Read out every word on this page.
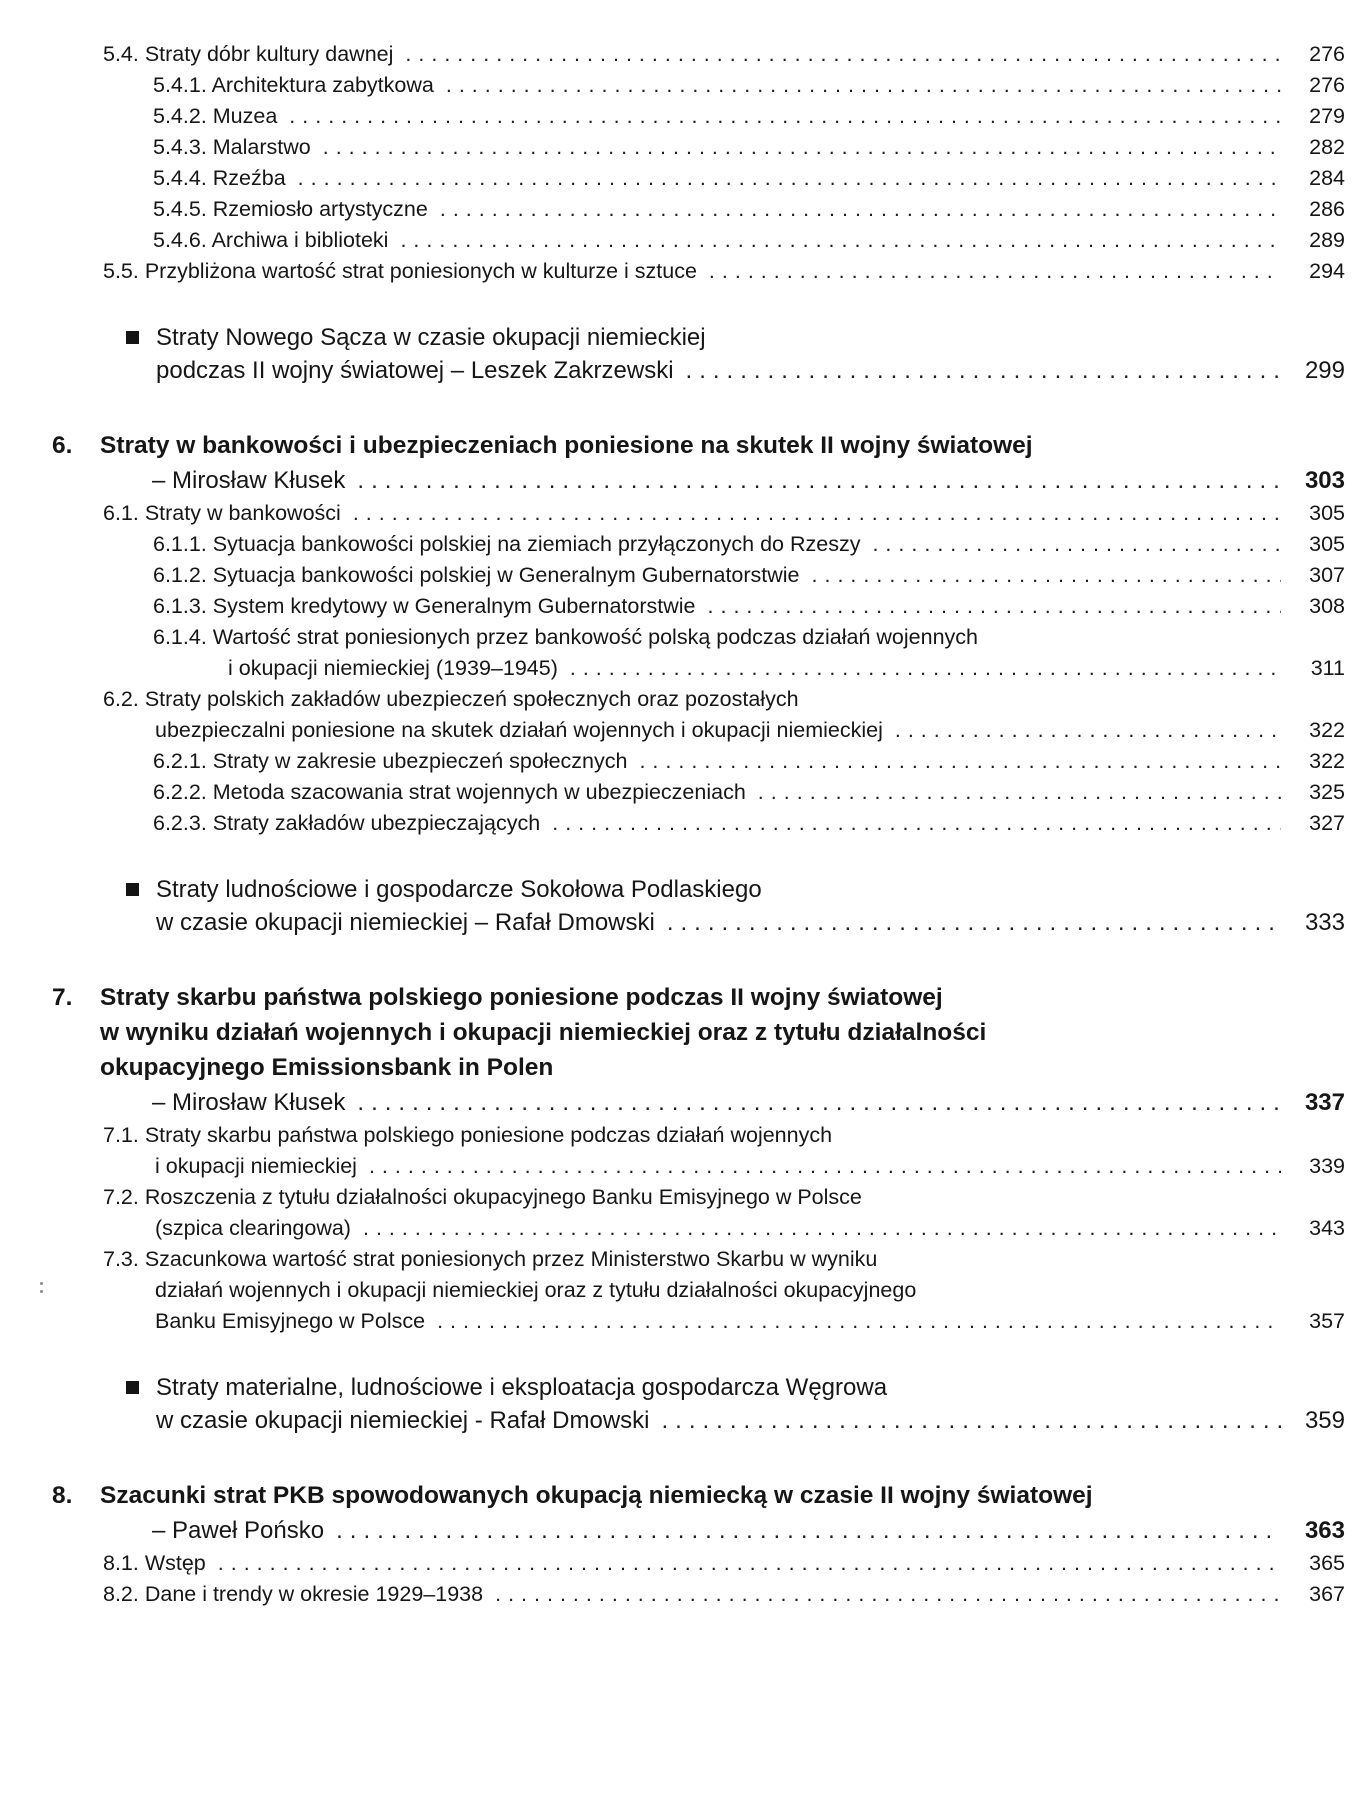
5.4. Straty dóbr kultury dawnej .....	276
5.4.1. Architektura zabytkowa .....	276
5.4.2. Muzea .....	279
5.4.3. Malarstwo .....	282
5.4.4. Rzeźba .....	284
5.4.5. Rzemiosło artystyczne .....	286
5.4.6. Archiwa i biblioteki .....	289
5.5. Przybliżona wartość strat poniesionych w kulturze i sztuce .....	294
Straty Nowego Sącza w czasie okupacji niemieckiej
podczas II wojny światowej – Leszek Zakrzewski .....	299
6.	Straty w bankowości i ubezpieczeniach poniesione na skutek II wojny światowej
– Mirosław Kłusek .....	303
6.1. Straty w bankowości .....	305
6.1.1. Sytuacja bankowości polskiej na ziemiach przyłączonych do Rzeszy .....	305
6.1.2. Sytuacja bankowości polskiej w Generalnym Gubernatorstwie .....	307
6.1.3. System kredytowy w Generalnym Gubernatorstwie .....	308
6.1.4. Wartość strat poniesionych przez bankowość polską podczas działań wojennych
i okupacji niemieckiej (1939–1945) .....	311
6.2. Straty polskich zakładów ubezpieczeń społecznych oraz pozostałych
ubezpieczalni poniesione na skutek działań wojennych i okupacji niemieckiej .....	322
6.2.1. Straty w zakresie ubezpieczeń społecznych .....	322
6.2.2. Metoda szacowania strat wojennych w ubezpieczeniach .....	325
6.2.3. Straty zakładów ubezpieczających .....	327
Straty ludnościowe i gospodarcze Sokołowa Podlaskiego
w czasie okupacji niemieckiej – Rafał Dmowski .....	333
7.	Straty skarbu państwa polskiego poniesione podczas II wojny światowej
w wyniku działań wojennych i okupacji niemieckiej oraz z tytułu działalności
okupacyjnego Emissionsbank in Polen
– Mirosław Kłusek .....	337
7.1. Straty skarbu państwa polskiego poniesione podczas działań wojennych
i okupacji niemieckiej .....	339
7.2. Roszczenia z tytułu działalności okupacyjnego Banku Emisyjnego w Polsce
(szpica clearingowa) .....	343
7.3. Szacunkowa wartość strat poniesionych przez Ministerstwo Skarbu w wyniku
działań wojennych i okupacji niemieckiej oraz z tytułu działalności okupacyjnego
Banku Emisyjnego w Polsce .....	357
Straty materialne, ludnościowe i eksploatacja gospodarcza Węgrowa
w czasie okupacji niemieckiej - Rafał Dmowski .....	359
8.	Szacunki strat PKB spowodowanych okupacją niemiecką w czasie II wojny światowej
– Paweł Pońsko .....	363
8.1. Wstęp .....	365
8.2. Dane i trendy w okresie 1929–1938 .....	367
